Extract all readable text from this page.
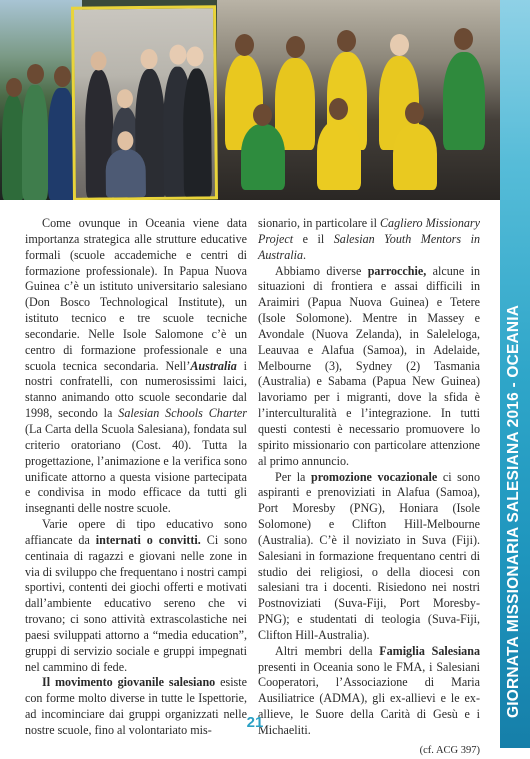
GIORNATA MISSIONARIA SALESIANA 2016 - OCEANIA

Come ovunque in Oceania viene data importanza strategica alle strutture educative formali (scuole accademiche e centri di formazione professionale). In Papua Nuova Guinea c’è un istituto universitario salesiano (Don Bosco Technological Institute), un istituto tecnico e tre scuole tecniche secondarie. Nelle Isole Salomone c’è un centro di formazione professionale e una scuola tecnica secondaria. Nell’Australia i nostri confratelli, con numerosissimi laici, stanno animando otto scuole secondarie dal 1998, secondo la Salesian Schools Charter (La Carta della Scuola Salesiana), fondata sul criterio oratoriano (Cost. 40). Tutta la progettazione, l’animazione e la verifica sono unificate attorno a questa visione partecipata e condivisa in modo efficace da tutti gli insegnanti delle nostre scuole.

Varie opere di tipo educativo sono affiancate da internati o convitti. Ci sono centinaia di ragazzi e giovani nelle zone in via di sviluppo che frequentano i nostri campi sportivi, contenti dei giochi offerti e motivati dall’ambiente educativo sereno che vi trovano; ci sono attività extrascolastiche nei paesi sviluppati attorno a “media education”, gruppi di servizio sociale e gruppi impegnati nel cammino di fede.

Il movimento giovanile salesiano esiste con forme molto diverse in tutte le Ispettorie, ad incominciare dai gruppi organizzati nelle nostre scuole, fino al volontariato mis-

sionario, in particolare il Cagliero Missionary Project e il Salesian Youth Mentors in Australia.

Abbiamo diverse parrocchie, alcune in situazioni di frontiera e assai difficili in Araimiri (Papua Nuova Guinea) e Tetere (Isole Solomone). Mentre in Massey e Avondale (Nuova Zelanda), in Saleleloga, Leauvaa e Alafua (Samoa), in Adelaide, Melbourne (3), Sydney (2) Tasmania (Australia) e Sabama (Papua New Guinea) lavoriamo per i migranti, dove la sfida è l’interculturalità e l’integrazione. In tutti questi contesti è necessario promuovere lo spirito missionario con particolare attenzione al primo annuncio.

Per la promozione vocazionale ci sono aspiranti e prenoviziati in Alafua (Samoa), Port Moresby (PNG), Honiara (Isole Solomone) e Clifton Hill-Melbourne (Australia). C’è il noviziato in Suva (Fiji). Salesiani in formazione frequentano centri di studio dei religiosi, o della diocesi con salesiani tra i docenti. Risiedono nei nostri Postnoviziati (Suva-Fiji, Port Moresby-PNG); e studentati di teologia (Suva-Fiji, Clifton Hill-Australia).

Altri membri della Famiglia Salesiana presenti in Oceania sono le FMA, i Salesiani Cooperatori, l’Associazione di Maria Ausiliatrice (ADMA), gli ex-allievi e le ex-allieve, le Suore della Carità di Gesù e i Michaeliti.

(cf. ACG 397)

21
